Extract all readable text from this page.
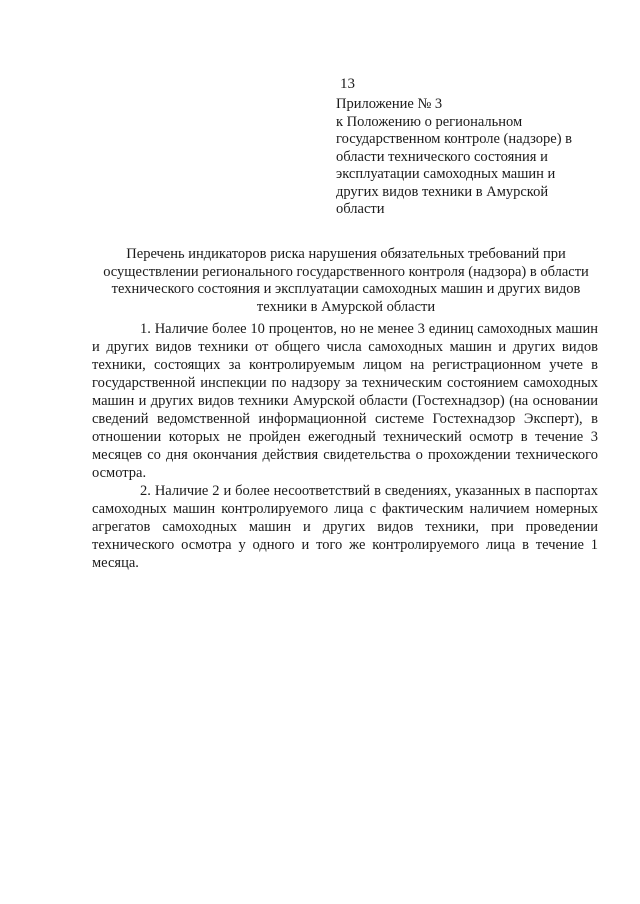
13
Приложение № 3
к Положению о региональном
государственном контроле (надзоре) в
области технического состояния и
эксплуатации самоходных машин и
других видов техники в Амурской
области
Перечень индикаторов риска нарушения обязательных требований при
осуществлении регионального государственного контроля (надзора) в области
технического состояния и эксплуатации самоходных машин и других видов
техники в Амурской области
1. Наличие более 10 процентов, но не менее 3 единиц самоходных машин
и других видов техники от общего числа самоходных машин и других видов
техники, состоящих за контролируемым лицом на регистрационном учете в
государственной инспекции по надзору за техническим состоянием самоходных
машин и других видов техники Амурской области (Гостехнадзор) (на основании
сведений ведомственной информационной системе Гостехнадзор Эксперт), в
отношении которых не пройден ежегодный технический осмотр в течение 3
месяцев со дня окончания действия свидетельства о прохождении технического
осмотра.
2. Наличие 2 и более несоответствий в сведениях, указанных в паспортах
самоходных машин контролируемого лица с фактическим наличием номерных
агрегатов самоходных машин и других видов техники, при проведении
технического осмотра у одного и того же контролируемого лица в течение 1
месяца.
